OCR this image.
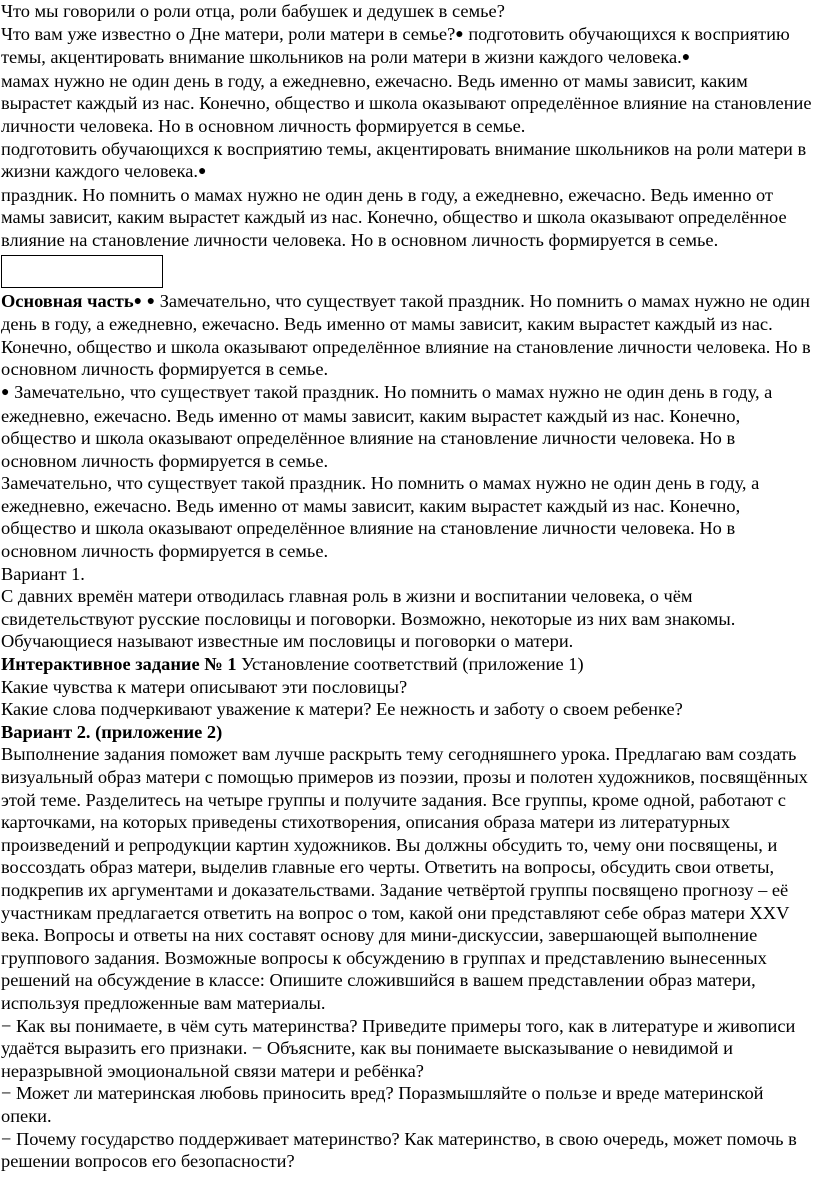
Что мы говорили о роли отца, роли бабушек и дедушек в семье?

Что вам уже известно о Дне матери, роли матери в семье?● подготовить обучающихся к восприятию темы, акцентировать внимание школьников на роли матери в жизни каждого человека.●

мамах нужно не один день в году, а ежедневно, ежечасно. Ведь именно от мамы зависит, каким вырастет каждый из нас. Конечно, общество и школа оказывают определённое влияние на становление личности человека. Но в основном личность формируется в семье.

подготовить обучающихся к восприятию темы, акцентировать внимание школьников на роли матери в жизни каждого человека.●

праздник. Но помнить о мамах нужно не один день в году, а ежедневно, ежечасно. Ведь именно от мамы зависит, каким вырастет каждый из нас. Конечно, общество и школа оказывают определённое влияние на становление личности человека. Но в основном личность формируется в семье.

Основная часть● ● Замечательно, что существует такой праздник. Но помнить о мамах нужно не один день в году, а ежедневно, ежечасно. Ведь именно от мамы зависит, каким вырастет каждый из нас. Конечно, общество и школа оказывают определённое влияние на становление личности человека. Но в основном личность формируется в семье.

● Замечательно, что существует такой праздник. Но помнить о мамах нужно не один день в году, а ежедневно, ежечасно. Ведь именно от мамы зависит, каким вырастет каждый из нас. Конечно, общество и школа оказывают определённое влияние на становление личности человека. Но в основном личность формируется в семье.

Замечательно, что существует такой праздник. Но помнить о мамах нужно не один день в году, а ежедневно, ежечасно. Ведь именно от мамы зависит, каким вырастет каждый из нас. Конечно, общество и школа оказывают определённое влияние на становление личности человека. Но в основном личность формируется в семье.

Вариант 1.

С давних времён матери отводилась главная роль в жизни и воспитании человека, о чём свидетельствуют русские пословицы и поговорки. Возможно, некоторые из них вам знакомы. Обучающиеся называют известные им пословицы и поговорки о матери.

Интерактивное задание № 1 Установление соответствий (приложение 1)

Какие чувства к матери описывают эти пословицы?

Какие слова подчеркивают уважение к матери? Ее нежность и заботу о своем ребенке?

Вариант 2. (приложение 2)

Выполнение задания поможет вам лучше раскрыть тему сегодняшнего урока. Предлагаю вам создать визуальный образ матери с помощью примеров из поэзии, прозы и полотен художников, посвящённых этой теме. Разделитесь на четыре группы и получите задания. Все группы, кроме одной, работают с карточками, на которых приведены стихотворения, описания образа матери из литературных произведений и репродукции картин художников. Вы должны обсудить то, чему они посвящены, и воссоздать образ матери, выделив главные его черты. Ответить на вопросы, обсудить свои ответы, подкрепив их аргументами и доказательствами. Задание четвёртой группы посвящено прогнозу – её участникам предлагается ответить на вопрос о том, какой они представляют себе образ матери XXV века. Вопросы и ответы на них составят основу для мини-дискуссии, завершающей выполнение группового задания. Возможные вопросы к обсуждению в группах и представлению вынесенных решений на обсуждение в классе: Опишите сложившийся в вашем представлении образ матери, используя предложенные вам материалы.

− Как вы понимаете, в чём суть материнства? Приведите примеры того, как в литературе и живописи удаётся выразить его признаки. − Объясните, как вы понимаете высказывание о невидимой и неразрывной эмоциональной связи матери и ребёнка?

− Может ли материнская любовь приносить вред? Поразмышляйте о пользе и вреде материнской опеки.

− Почему государство поддерживает материнство? Как материнство, в свою очередь, может помочь в решении вопросов его безопасности?
